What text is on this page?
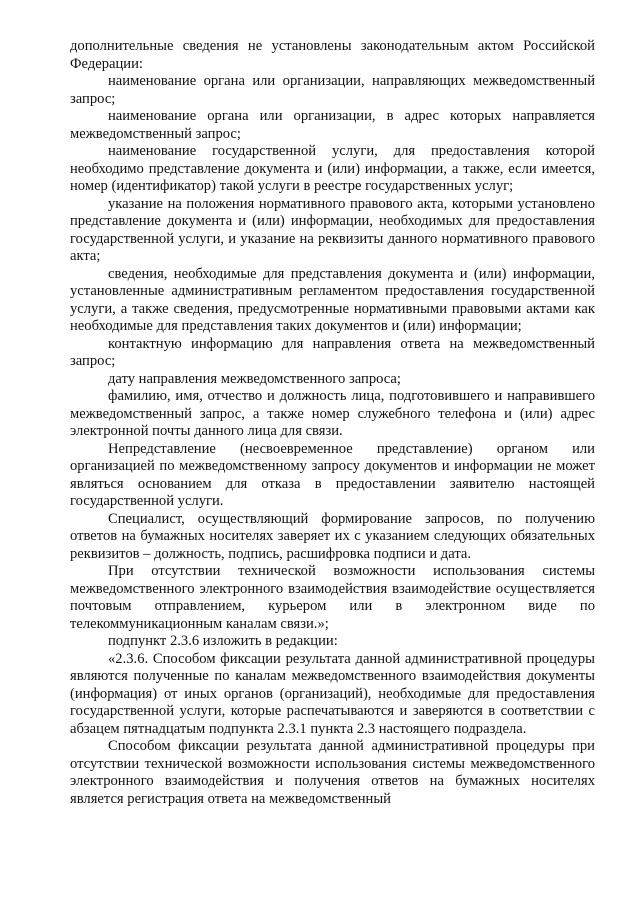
дополнительные сведения не установлены законодательным актом Российской Федерации:

наименование органа или организации, направляющих межведомственный запрос;

наименование органа или организации, в адрес которых направляется межведомственный запрос;

наименование государственной услуги, для предоставления которой необходимо представление документа и (или) информации, а также, если имеется, номер (идентификатор) такой услуги в реестре государственных услуг;

указание на положения нормативного правового акта, которыми установлено представление документа и (или) информации, необходимых для предоставления государственной услуги, и указание на реквизиты данного нормативного правового акта;

сведения, необходимые для представления документа и (или) информации, установленные административным регламентом предоставления государственной услуги, а также сведения, предусмотренные нормативными правовыми актами как необходимые для представления таких документов и (или) информации;

контактную информацию для направления ответа на межведомственный запрос;

дату направления межведомственного запроса;

фамилию, имя, отчество и должность лица, подготовившего и направившего межведомственный запрос, а также номер служебного телефона и (или) адрес электронной почты данного лица для связи.

Непредставление (несвоевременное представление) органом или организацией по межведомственному запросу документов и информации не может являться основанием для отказа в предоставлении заявителю настоящей государственной услуги.

Специалист, осуществляющий формирование запросов, по получению ответов на бумажных носителях заверяет их с указанием следующих обязательных реквизитов – должность, подпись, расшифровка подписи и дата.

При отсутствии технической возможности использования системы межведомственного электронного взаимодействия взаимодействие осуществляется почтовым отправлением, курьером или в электронном виде по телекоммуникационным каналам связи.»;

подпункт 2.3.6 изложить в редакции:

«2.3.6. Способом фиксации результата данной административной процедуры являются полученные по каналам межведомственного взаимодействия документы (информация) от иных органов (организаций), необходимые для предоставления государственной услуги, которые распечатываются и заверяются в соответствии с абзацем пятнадцатым подпункта 2.3.1 пункта 2.3 настоящего подраздела.

Способом фиксации результата данной административной процедуры при отсутствии технической возможности использования системы межведомственного электронного взаимодействия и получения ответов на бумажных носителях является регистрация ответа на межведомственный
